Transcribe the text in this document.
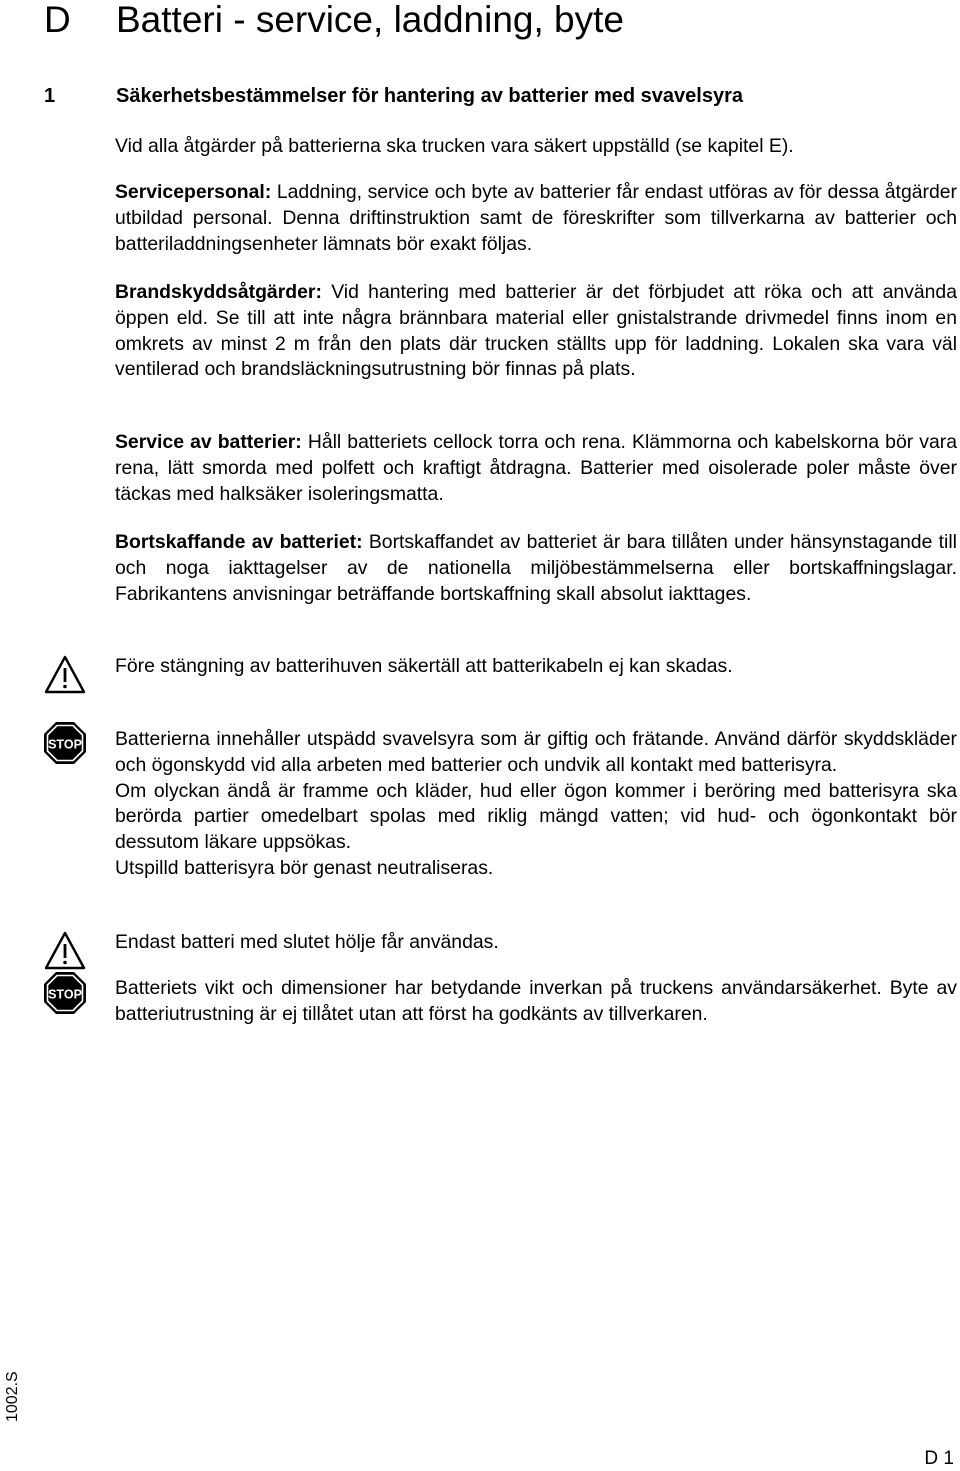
D Batteri - service, laddning, byte
1	Säkerhetsbestämmelser för hantering av batterier med svavelsyra
Vid alla åtgärder på batterierna ska trucken vara säkert uppställd (se kapitel E).
Servicepersonal: Laddning, service och byte av batterier får endast utföras av för dessa åtgärder utbildad personal. Denna driftinstruktion samt de föreskrifter som tillverkarna av batterier och batteriladdningsenheter lämnats bör exakt följas.
Brandskyddsåtgärder: Vid hantering med batterier är det förbjudet att röka och att använda öppen eld. Se till att inte några brännbara material eller gnistalstrande drivmedel finns inom en omkrets av minst 2 m från den plats där trucken ställts upp för laddning. Lokalen ska vara väl ventilerad och brandsläckningsutrustning bör finnas på plats.
Service av batterier: Håll batteriets cellock torra och rena. Klämmorna och kabelskorna bör vara rena, lätt smorda med polfett och kraftigt åtdragna. Batterier med oisolerade poler måste över täckas med halksäker isoleringsmatta.
Bortskaffande av batteriet: Bortskaffandet av batteriet är bara tillåten under hänsynstagande till och noga iakttagelser av de nationella miljöbestämmelserna eller bortskaffningslagar. Fabrikantens anvisningar beträffande bortskaffning skall absolut iakttages.
Före stängning av batterihuven säkertäll att batterikabeln ej kan skadas.
STOP Batterierna innehåller utspädd svavelsyra som är giftig och frätande. Använd därför skyddskläder och ögonskydd vid alla arbeten med batterier och undvik all kontakt med batterisyra.
Om olyckan ändå är framme och kläder, hud eller ögon kommer i beröring med batterisyra ska berörda partier omedelbart spolas med riklig mängd vatten; vid hud- och ögonkontakt bör dessutom läkare uppsökas.
Utspilld batterisyra bör genast neutraliseras.
Endast batteri med slutet hölje får användas.
STOP Batteriets vikt och dimensioner har betydande inverkan på truckens användarsäkerhet. Byte av batteriutrustning är ej tillåtet utan att först ha godkänts av tillverkaren.
1002.S
D 1
